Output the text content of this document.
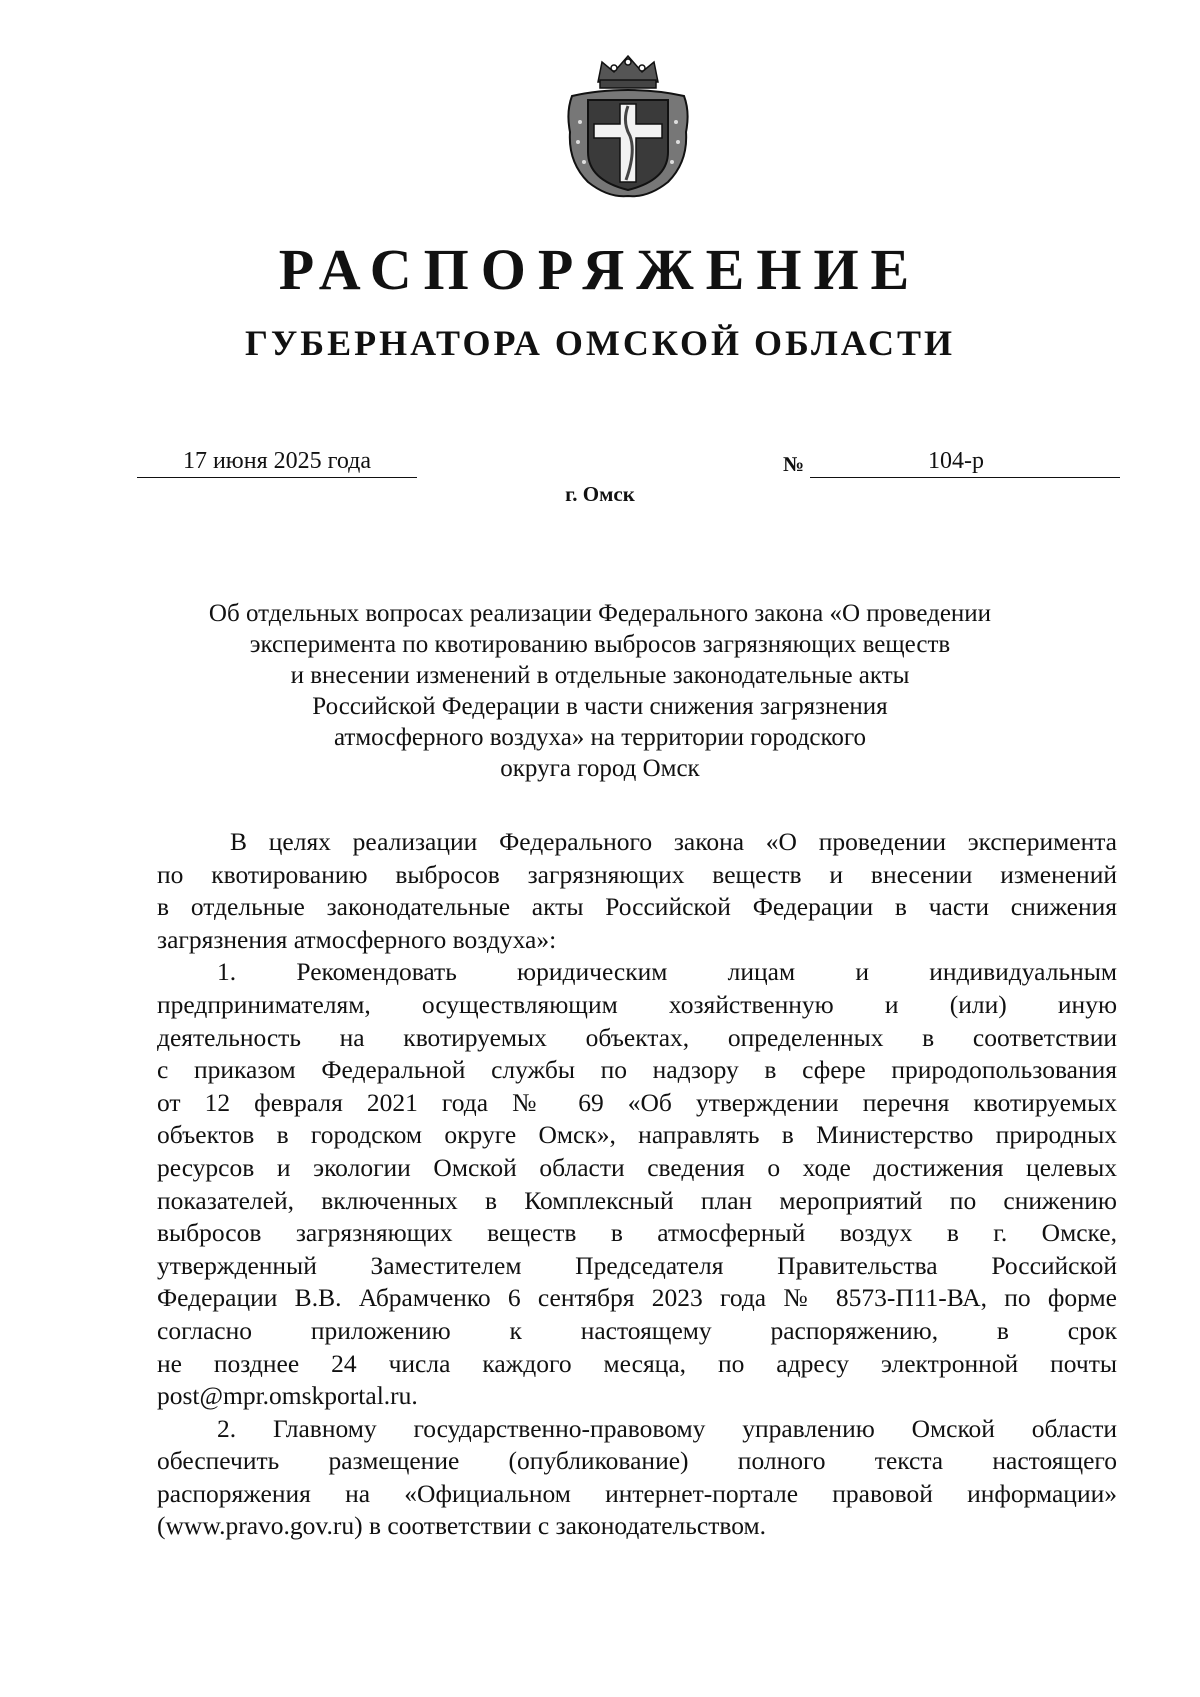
РАСПОРЯЖЕНИЕ
ГУБЕРНАТОРА ОМСКОЙ ОБЛАСТИ
17 июня 2025 года	№	104-р
г. Омск
Об отдельных вопросах реализации Федерального закона «О проведении
эксперимента по квотированию выбросов загрязняющих веществ
и внесении изменений в отдельные законодательные акты
Российской Федерации в части снижения загрязнения
атмосферного воздуха» на территории городского
округа город Омск
В целях реализации Федерального закона «О проведении эксперимента
по квотированию выбросов загрязняющих веществ и внесении изменений
в отдельные законодательные акты Российской Федерации в части снижения
загрязнения атмосферного воздуха»:
1. Рекомендовать юридическим лицам и индивидуальным
предпринимателям, осуществляющим хозяйственную и (или) иную
деятельность на квотируемых объектах, определенных в соответствии
с приказом Федеральной службы по надзору в сфере природопользования
от 12 февраля 2021 года № 69 «Об утверждении перечня квотируемых
объектов в городском округе Омск», направлять в Министерство природных
ресурсов и экологии Омской области сведения о ходе достижения целевых
показателей, включенных в Комплексный план мероприятий по снижению
выбросов загрязняющих веществ в атмосферный воздух в г. Омске,
утвержденный Заместителем Председателя Правительства Российской
Федерации В.В. Абрамченко 6 сентября 2023 года № 8573-П11-ВА, по форме
согласно приложению к настоящему распоряжению, в срок
не позднее 24 числа каждого месяца, по адресу электронной почты
post@mpr.omskportal.ru.
2. Главному государственно-правовому управлению Омской области
обеспечить размещение (опубликование) полного текста настоящего
распоряжения на «Официальном интернет-портале правовой информации»
(www.pravo.gov.ru) в соответствии с законодательством.
